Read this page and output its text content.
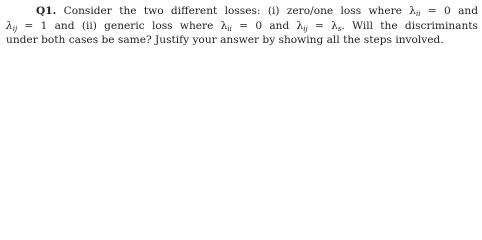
Q1. Consider the two different losses: (i) zero/one loss where $\lambda_{ii} = 0$ and
$\lambda_{ij} = 1$ and (ii) generic loss where $\lambda_{ii} = 0$ and $\lambda_{ij} = \lambda_s$. Will the discriminants
under both cases be same? Justify your answer by showing all the steps involved.
